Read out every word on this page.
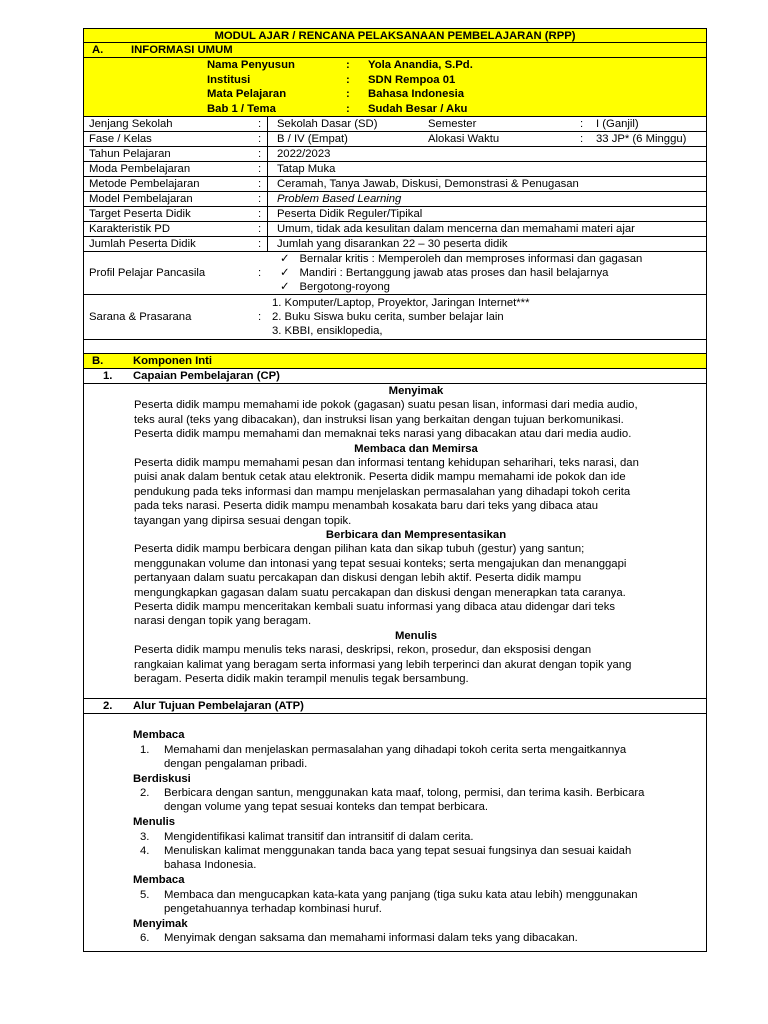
MODUL AJAR / RENCANA PELAKSANAAN PEMBELAJARAN (RPP)
A. INFORMASI UMUM
Nama Penyusun	: Yola Anandia, S.Pd.
Institusi	: SDN Rempoa 01
Mata Pelajaran	: Bahasa Indonesia
Bab 1 / Tema	: Sudah Besar / Aku
Jenjang Sekolah	: Sekolah Dasar (SD)	Semester	: I (Ganjil)
Fase / Kelas	: B / IV (Empat)	Alokasi Waktu	: 33 JP* (6 Minggu)
Tahun Pelajaran	: 2022/2023
Moda Pembelajaran	: Tatap Muka
Metode Pembelajaran	: Ceramah, Tanya Jawab, Diskusi, Demonstrasi & Penugasan
Model Pembelajaran	: Problem Based Learning
Target Peserta Didik	: Peserta Didik Reguler/Tipikal
Karakteristik PD	: Umum, tidak ada kesulitan dalam mencerna dan memahami materi ajar
Jumlah Peserta Didik	: Jumlah yang disarankan 22 – 30 peserta didik
Profil Pelajar Pancasila	:
✓ Bernalar kritis : Memperoleh dan memproses informasi dan gagasan
✓ Mandiri : Bertanggung jawab atas proses dan hasil belajarnya
✓ Bergotong-royong
Sarana & Prasarana	:
1. Komputer/Laptop, Proyektor, Jaringan Internet***
2. Buku Siswa buku cerita, sumber belajar lain
3. KBBI, ensiklopedia,
B.	Komponen Inti
1. Capaian Pembelajaran (CP)
Menyimak
Peserta didik mampu memahami ide pokok (gagasan) suatu pesan lisan, informasi dari media audio,
teks aural (teks yang dibacakan), dan instruksi lisan yang berkaitan dengan tujuan berkomunikasi.
Peserta didik mampu memahami dan memaknai teks narasi yang dibacakan atau dari media audio.
Membaca dan Memirsa
Peserta didik mampu memahami pesan dan informasi tentang kehidupan seharihari, teks narasi, dan
puisi anak dalam bentuk cetak atau elektronik. Peserta didik mampu memahami ide pokok dan ide
pendukung pada teks informasi dan mampu menjelaskan permasalahan yang dihadapi tokoh cerita
pada teks narasi. Peserta didik mampu menambah kosakata baru dari teks yang dibaca atau
tayangan yang dipirsa sesuai dengan topik.
Berbicara dan Mempresentasikan
Peserta didik mampu berbicara dengan pilihan kata dan sikap tubuh (gestur) yang santun;
menggunakan volume dan intonasi yang tepat sesuai konteks; serta mengajukan dan menanggapi
pertanyaan dalam suatu percakapan dan diskusi dengan lebih aktif. Peserta didik mampu
mengungkapkan gagasan dalam suatu percakapan dan diskusi dengan menerapkan tata caranya.
Peserta didik mampu menceritakan kembali suatu informasi yang dibaca atau didengar dari teks
narasi dengan topik yang beragam.
Menulis
Peserta didik mampu menulis teks narasi, deskripsi, rekon, prosedur, dan eksposisi dengan
rangkaian kalimat yang beragam serta informasi yang lebih terperinci dan akurat dengan topik yang
beragam. Peserta didik makin terampil menulis tegak bersambung.
2. Alur Tujuan Pembelajaran (ATP)
Membaca
1. Memahami dan menjelaskan permasalahan yang dihadapi tokoh cerita serta mengaitkannya
dengan pengalaman pribadi.
Berdiskusi
2. Berbicara dengan santun, menggunakan kata maaf, tolong, permisi, dan terima kasih. Berbicara
dengan volume yang tepat sesuai konteks dan tempat berbicara.
Menulis
3. Mengidentifikasi kalimat transitif dan intransitif di dalam cerita.
4. Menuliskan kalimat menggunakan tanda baca yang tepat sesuai fungsinya dan sesuai kaidah
bahasa Indonesia.
Membaca
5. Membaca dan mengucapkan kata-kata yang panjang (tiga suku kata atau lebih) menggunakan
pengetahuannya terhadap kombinasi huruf.
Menyimak
6. Menyimak dengan saksama dan memahami informasi dalam teks yang dibacakan.
